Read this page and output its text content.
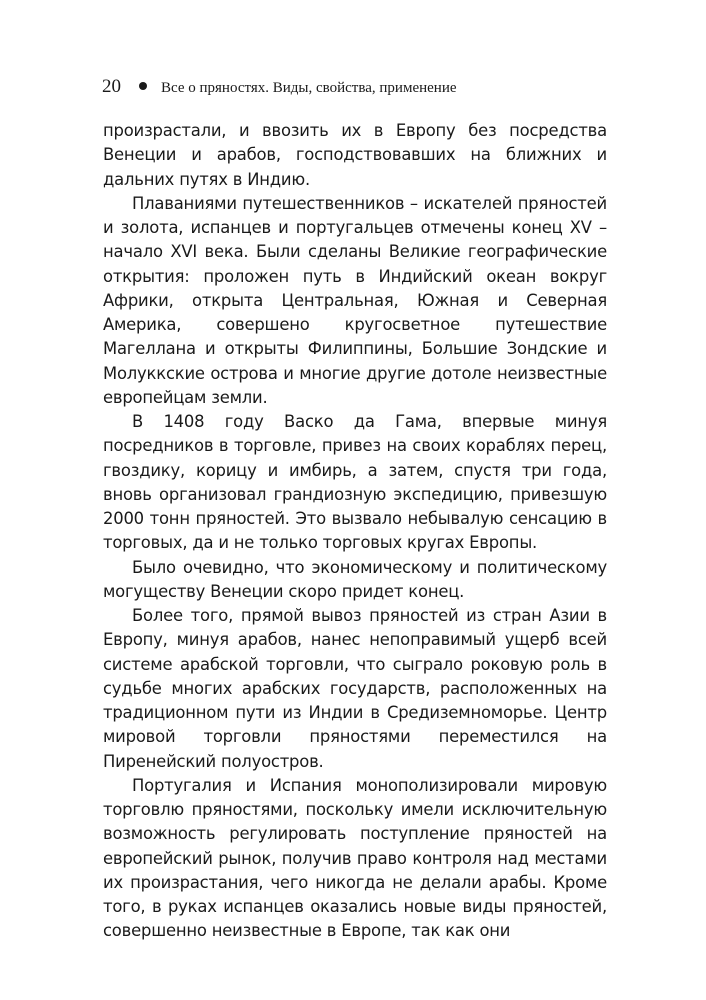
20	Все о пряностях. Виды, свойства, применение

произрастали, и ввозить их в Европу без посредства Венеции и арабов, господствовавших на ближних и дальних путях в Индию.

Плаваниями путешественников – искателей пряностей и золота, испанцев и португальцев отмечены конец XV – начало XVI века. Были сделаны Великие географические открытия: проложен путь в Индийский океан вокруг Африки, открыта Центральная, Южная и Северная Америка, совершено кругосветное путешествие Магеллана и открыты Филиппины, Большие Зондские и Молуккские острова и многие другие дотоле неизвестные европейцам земли.

В 1408 году Васко да Гама, впервые минуя посредников в торговле, привез на своих кораблях перец, гвоздику, корицу и имбирь, а затем, спустя три года, вновь организовал грандиозную экспедицию, привезшую 2000 тонн пряностей. Это вызвало небывалую сенсацию в торговых, да и не только торговых кругах Европы.

Было очевидно, что экономическому и политическому могуществу Венеции скоро придет конец.

Более того, прямой вывоз пряностей из стран Азии в Европу, минуя арабов, нанес непоправимый ущерб всей системе арабской торговли, что сыграло роковую роль в судьбе многих арабских государств, расположенных на традиционном пути из Индии в Средиземноморье. Центр мировой торговли пряностями переместился на Пиренейский полуостров.

Португалия и Испания монополизировали мировую торговлю пряностями, поскольку имели исключительную возможность регулировать поступление пряностей на европейский рынок, получив право контроля над местами их произрастания, чего никогда не делали арабы. Кроме того, в руках испанцев оказались новые виды пряностей, совершенно неизвестные в Европе, так как они
